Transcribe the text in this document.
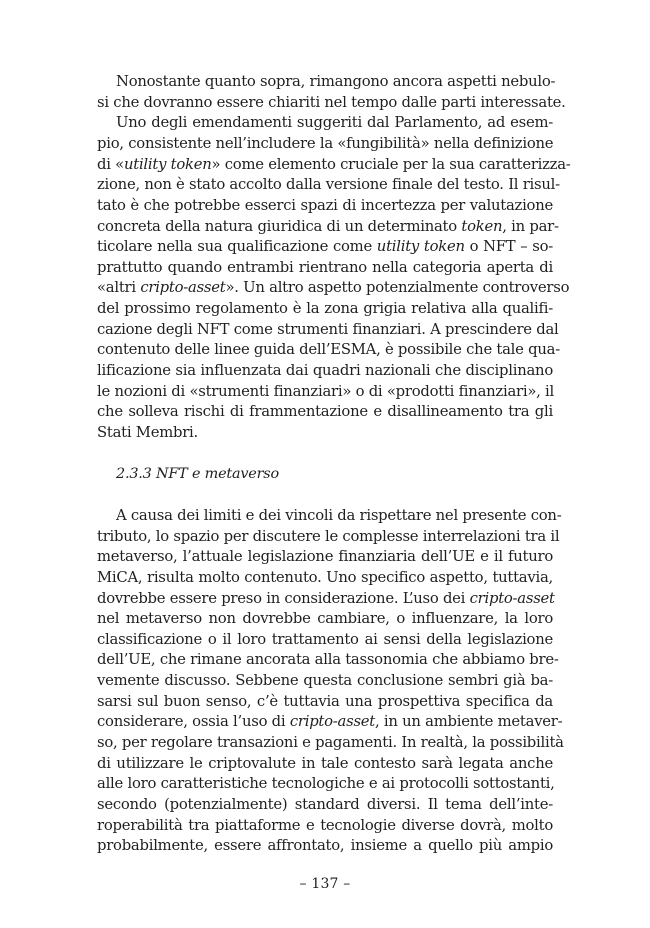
Nonostante quanto sopra, rimangono ancora aspetti nebulo-
si che dovranno essere chiariti nel tempo dalle parti interessate.
Uno degli emendamenti suggeriti dal Parlamento, ad esem-
pio, consistente nell’includere la «fungibilità» nella definizione
di «utility token» come elemento cruciale per la sua caratterizza-
zione, non è stato accolto dalla versione finale del testo. Il risul-
tato è che potrebbe esserci spazi di incertezza per valutazione
concreta della natura giuridica di un determinato token, in par-
ticolare nella sua qualificazione come utility token o NFT – so-
prattutto quando entrambi rientrano nella categoria aperta di
«altri cripto-asset». Un altro aspetto potenzialmente controverso
del prossimo regolamento è la zona grigia relativa alla qualifi-
cazione degli NFT come strumenti finanziari. A prescindere dal
contenuto delle linee guida dell’ESMA, è possibile che tale qua-
lificazione sia influenzata dai quadri nazionali che disciplinano
le nozioni di «strumenti finanziari» o di «prodotti finanziari», il
che solleva rischi di frammentazione e disallineamento tra gli
Stati Membri.
2.3.3 NFT e metaverso
A causa dei limiti e dei vincoli da rispettare nel presente con-
tributo, lo spazio per discutere le complesse interrelazioni tra il
metaverso, l’attuale legislazione finanziaria dell’UE e il futuro
MiCA, risulta molto contenuto. Uno specifico aspetto, tuttavia,
dovrebbe essere preso in considerazione. L’uso dei cripto-asset
nel metaverso non dovrebbe cambiare, o influenzare, la loro
classificazione o il loro trattamento ai sensi della legislazione
dell’UE, che rimane ancorata alla tassonomia che abbiamo bre-
vemente discusso. Sebbene questa conclusione sembri già ba-
sarsi sul buon senso, c’è tuttavia una prospettiva specifica da
considerare, ossia l’uso di cripto-asset, in un ambiente metaver-
so, per regolare transazioni e pagamenti. In realtà, la possibilità
di utilizzare le criptovalute in tale contesto sarà legata anche
alle loro caratteristiche tecnologiche e ai protocolli sottostanti,
secondo (potenzialmente) standard diversi. Il tema dell’inte-
roperabilità tra piattaforme e tecnologie diverse dovrà, molto
probabilmente, essere affrontato, insieme a quello più ampio
– 137 –
